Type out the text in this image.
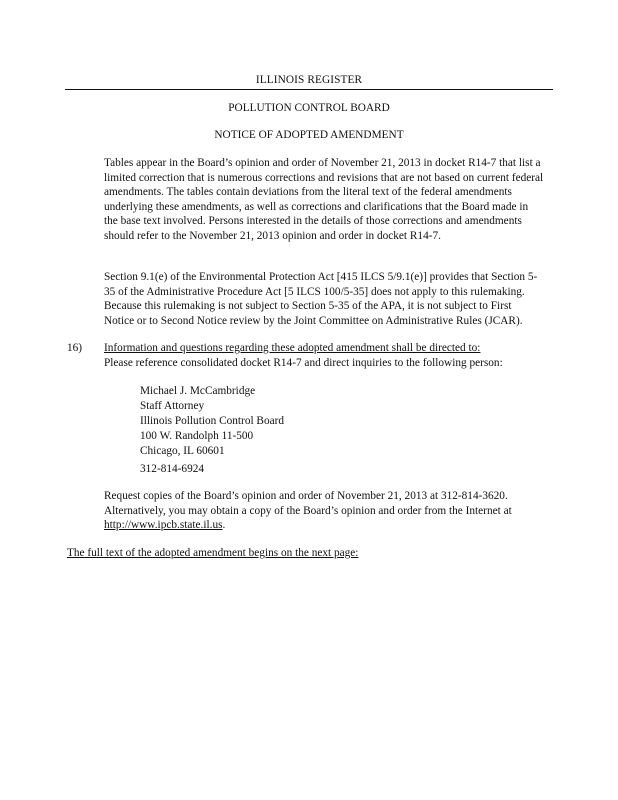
ILLINOIS REGISTER
POLLUTION CONTROL BOARD
NOTICE OF ADOPTED AMENDMENT

Tables appear in the Board’s opinion and order of November 21, 2013 in docket R14-7 that list a limited correction that is numerous corrections and revisions that are not based on current federal amendments. The tables contain deviations from the literal text of the federal amendments underlying these amendments, as well as corrections and clarifications that the Board made in the base text involved. Persons interested in the details of those corrections and amendments should refer to the November 21, 2013 opinion and order in docket R14-7.

Section 9.1(e) of the Environmental Protection Act [415 ILCS 5/9.1(e)] provides that Section 5-35 of the Administrative Procedure Act [5 ILCS 100/5-35] does not apply to this rulemaking. Because this rulemaking is not subject to Section 5-35 of the APA, it is not subject to First Notice or to Second Notice review by the Joint Committee on Administrative Rules (JCAR).

16) Information and questions regarding these adopted amendment shall be directed to:
Please reference consolidated docket R14-7 and direct inquiries to the following person:
Michael J. McCambridge
Staff Attorney
Illinois Pollution Control Board
100 W. Randolph 11-500
Chicago, IL 60601
312-814-6924

Request copies of the Board’s opinion and order of November 21, 2013 at 312-814-3620. Alternatively, you may obtain a copy of the Board’s opinion and order from the Internet at http://www.ipcb.state.il.us.

The full text of the adopted amendment begins on the next page:
